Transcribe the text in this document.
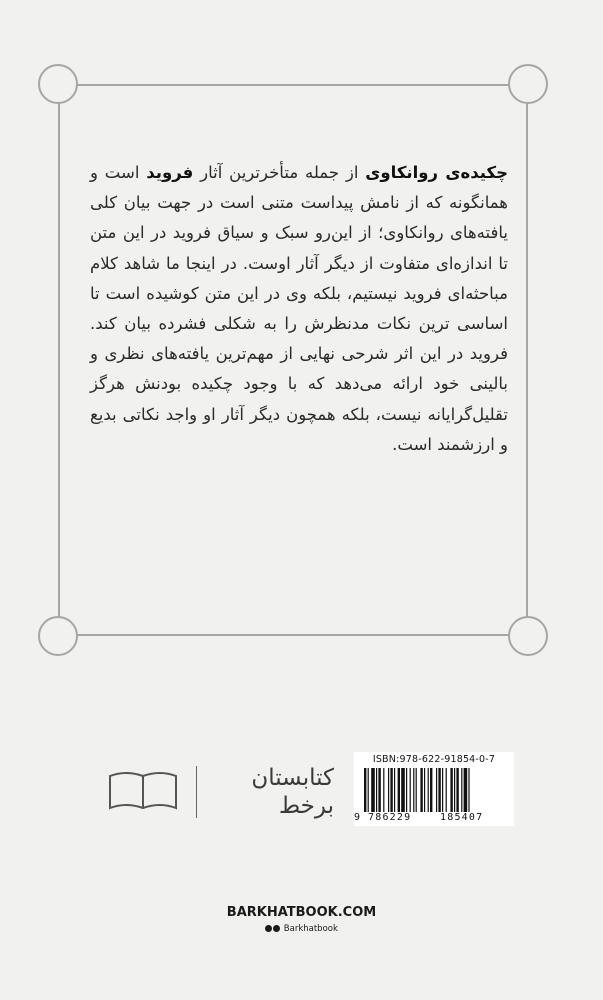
چکیده‌ی روانکاوی از جمله متأخرترین آثار فروید است و همانگونه که از نامش پیداست متنی است در جهت بیان کلی یافته‌های روانکاوی؛ از این‌رو سبک و سیاق فروید در این متن تا اندازه‌ای متفاوت از دیگر آثار اوست. در اینجا ما شاهد کلام مباحثه‌ای فروید نیستیم، بلکه وی در این متن کوشیده است تا اساسی ترین نکات مدنظرش را به شکلی فشرده بیان کند. فروید در این اثر شرحی نهایی از مهم‌ترین یافته‌های نظری و بالینی خود ارائه می‌دهد که با وجود چکیده بودنش هرگز تقلیل‌گرایانه نیست، بلکه همچون دیگر آثار او واجد نکاتی بدیع و ارزشمند است.
کتابستان
برخط
ISBN:978-622-91854-0-7
9 786229	185407
BARKHATBOOK.COM
Barkhatbook
